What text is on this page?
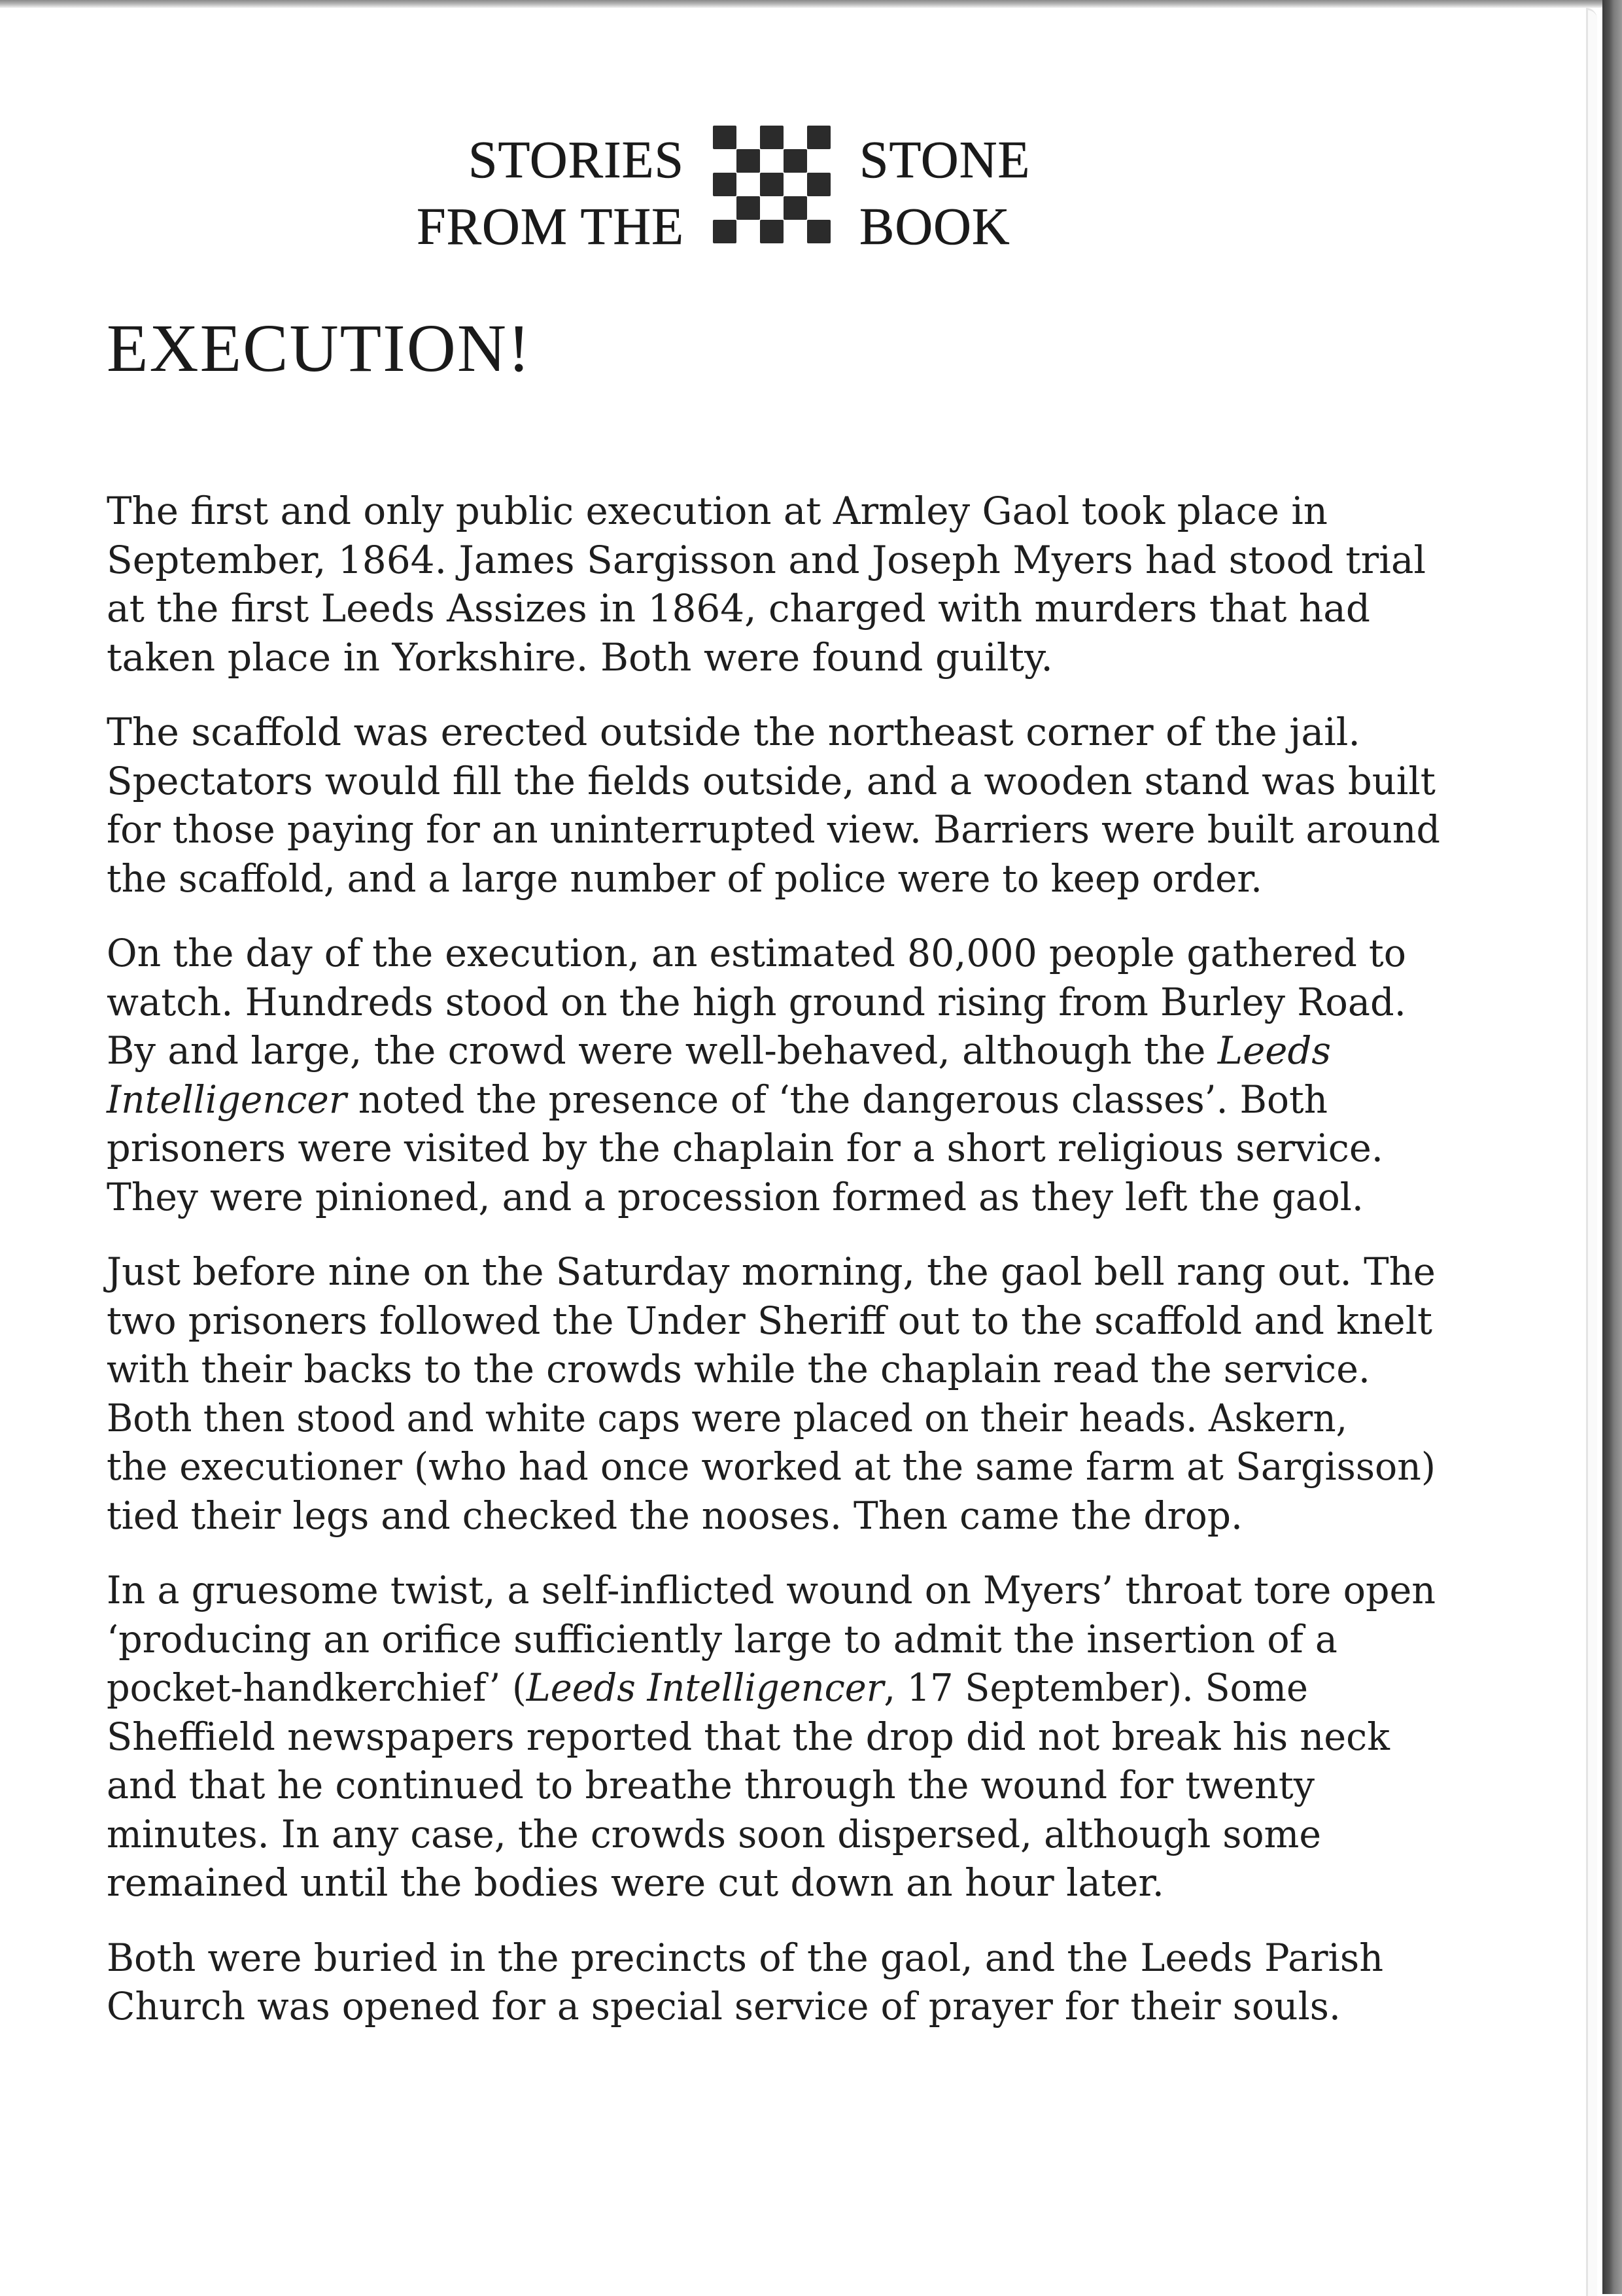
STORIES
FROM THE
STONE
BOOK
EXECUTION!

The first and only public execution at Armley Gaol took place in
September, 1864. James Sargisson and Joseph Myers had stood trial
at the first Leeds Assizes in 1864, charged with murders that had
taken place in Yorkshire. Both were found guilty.

The scaffold was erected outside the northeast corner of the jail.
Spectators would fill the fields outside, and a wooden stand was built
for those paying for an uninterrupted view. Barriers were built around
the scaffold, and a large number of police were to keep order.

On the day of the execution, an estimated 80,000 people gathered to
watch. Hundreds stood on the high ground rising from Burley Road.
By and large, the crowd were well-behaved, although the Leeds
Intelligencer noted the presence of ‘the dangerous classes’. Both
prisoners were visited by the chaplain for a short religious service.
They were pinioned, and a procession formed as they left the gaol.

Just before nine on the Saturday morning, the gaol bell rang out. The
two prisoners followed the Under Sheriff out to the scaffold and knelt
with their backs to the crowds while the chaplain read the service.
Both then stood and white caps were placed on their heads. Askern,
the executioner (who had once worked at the same farm at Sargisson)
tied their legs and checked the nooses. Then came the drop.

In a gruesome twist, a self-inflicted wound on Myers’ throat tore open
‘producing an orifice sufficiently large to admit the insertion of a
pocket-handkerchief’ (Leeds Intelligencer, 17 September). Some
Sheffield newspapers reported that the drop did not break his neck
and that he continued to breathe through the wound for twenty
minutes. In any case, the crowds soon dispersed, although some
remained until the bodies were cut down an hour later.

Both were buried in the precincts of the gaol, and the Leeds Parish
Church was opened for a special service of prayer for their souls.
